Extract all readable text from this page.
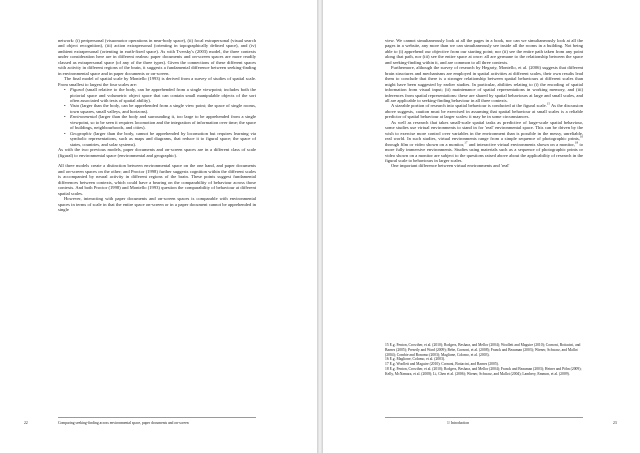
network: (i) peripersonal (visuomotor operations in near-body space), (ii) focal extrapersonal (visual search and object recognition), (iii) action extrapersonal (orienting in topographically defined space), and (iv) ambient extrapersonal (orienting in earth-fixed space). As with Tversky's (2003) model, the three contexts under consideration here are in different realms: paper documents and on-screen spaces are more readily classed as extrapersonal space (of any of the three types). Given the connections of these different spaces with activity in different regions of the brain, it suggests a fundamental difference between seeking-finding in environmental space and in paper documents or on-screen.

The final model of spatial scale by Montello (1993) is derived from a survey of studies of spatial scale. From smallest to largest the four scales are:

• Figural (small relative to the body, can be apprehended from a single viewpoint; includes both the pictorial space and volumetric object space that can contain small manipulable objects of the sort often associated with tests of spatial ability).
• Vista (larger than the body, can be apprehended from a single view point; the space of single rooms, town squares, small valleys, and horizons).
• Environmental (larger than the body and surrounding it, too large to be apprehended from a single viewpoint, so to be seen it requires locomotion and the integration of information over time; the space of buildings, neighbourhoods, and cities).
• Geographic (larger than the body, cannot be apprehended by locomotion but requires learning via symbolic representations, such as maps and diagrams, that reduce it to figural space; the space of states, countries, and solar systems).

As with the two previous models, paper documents and on-screen spaces are in a different class of scale (figural) to environmental space (environmental and geographic).

All three models create a distinction between environmental space on the one hand, and paper documents and on-screen spaces on the other; and Proctor (1998) further suggests cognition within the different scales is accompanied by neural activity in different regions of the brain. These points suggest fundamental differences between contexts, which could have a bearing on the comparability of behaviour across those contexts. And both Proctor (1998) and Montello (1993) question the comparability of behaviour at different spatial scales.

However, interacting with paper documents and on-screen spaces is comparable with environmental spaces in terms of scale in that the entire space on-screen or in a paper document cannot be apprehended in single

22	Comparing seeking-finding across environmental space, paper documents and on-screen

view. We cannot simultaneously look at all the pages in a book, nor can we simultaneously look at all the pages in a website, any more than we can simultaneously see inside all the rooms in a building. Not being able to (i) apprehend our objective from our starting point; nor (ii) see the entire path taken from any point along that path, nor (iii) see the entire space at once: all are germane to the relationship between the space and seeking-finding within it, and are common to all three contexts.

Furthermore, although the survey of research by Hegarty, Montello, et al. (2006) suggests that different brain structures and mechanisms are employed in spatial activities at different scales, their own results lead them to conclude that there is a stronger relationship between spatial behaviours at different scales than might have been suggested by earlier studies. In particular, abilities relating to (i) the encoding of spatial information from visual input; (ii) maintenance of spatial representations in working memory, and (iii) inferences from spatial representations: these are shared by spatial behaviours at large and small scales, and all are applicable to seeking-finding behaviour in all three contexts.

A sizeable portion of research into spatial behaviour is conducted at the figural scale.$^{15}$ As the discussion above suggests, caution must be exercised in assuming that spatial behaviour at small scales is a reliable predictor of spatial behaviour at larger scales: it may be in some circumstances.

As well as research that takes small-scale spatial tasks as predictive of large-scale spatial behaviour, some studies use virtual environments to stand in for 'real' environmental space. This can be driven by the wish to exercise more control over variables in the environment than is possible in the messy, unreliable, real world. In such studies, virtual environments range from a simple sequence of photographic prints,$^{16}$ through film or video shown on a monitor,$^{17}$ and interactive virtual environments shown on a monitor,$^{18}$ to more fully immersive environments. Studies using materials such as a sequence of photographic prints or video shown on a monitor are subject to the questions raised above about the applicability of research in the figural scale to behaviours in larger scales.

One important difference between virtual environments and 'real'

15 E.g. Fenton, Crowther, et al. (2010); Rodgers, Beshara, and Mellor (2004); Woollett and Maguire (2010); Cornoni, Bottacini, and Barnes (2005); Presetly and Ward (2009); Bebe, Cornoni, et al. (2008); Franck and Beauman (2003); Wiener, Schwarz, and Mallot (2004); Combie and Bonomo (2003); Maglione, Colomo, et al. (2003).

16 E.g. Maglione, Colomo, et al. (2003).

17 E.g. Woollett and Maguire (2010); Cornoni, Bottacini, and Barnes (2005).

18 E.g. Fenton, Crowther, et al. (2010); Rodgers, Beshara, and Mellor (2004); Franck and Beauman (2003); Heiner and Pöhn (2009); Kelly, McNamara, et al. (2008); Li, Chen et al. (2006); Wiener, Schwarz, and Mallot (2004); Lambery, Emmon, et al. (2009).

1/ Introduction	23
